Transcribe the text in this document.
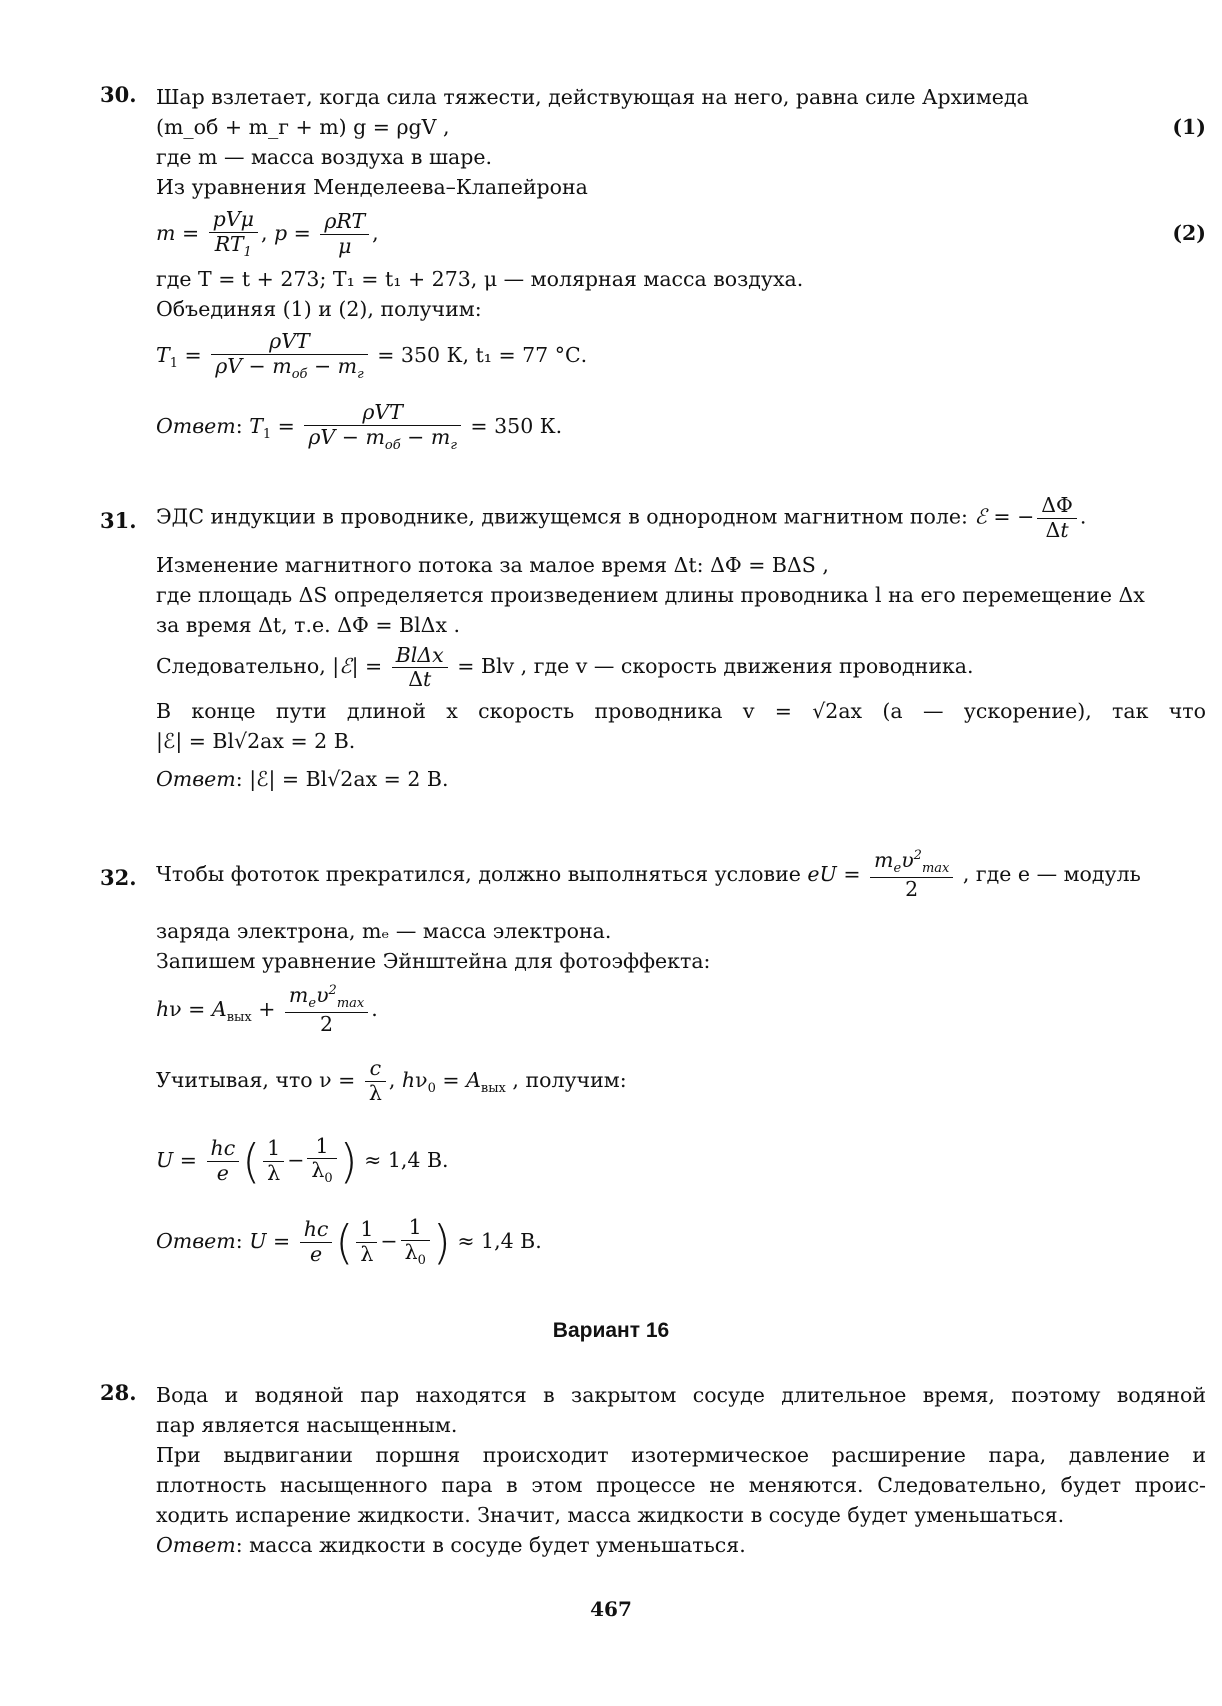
30. Шар взлетает, когда сила тяжести, действующая на него, равна силе Архимеда
(m_об + m_г + m) g = ρgV ,	(1)
где m — масса воздуха в шаре.
Из уравнения Менделеева–Клапейрона
m =
pVμ
$RT_1$
, p = ρRT
μ
,	(2)
где T = t + 273; T₁ = t₁ + 273, μ — молярная масса воздуха.
Объединяя (1) и (2), получим:
$T_1$ =
ρVT
$\rho V - m_{об} - m_г$
= 350 К, t₁ = 77 °С.
Ответ: $T_1$ =
ρVT
$\rho V - m_{об} - m_г$
= 350 К.
31. ЭДС индукции в проводнике, движущемся в однородном магнитном поле: ℰ = − $\frac{\Delta\Phi}{\Delta t}$ .
Изменение магнитного потока за малое время Δt: ΔΦ = BΔS ,
где площадь ΔS определяется произведением длины проводника l на его перемещение Δx
за время Δt, т.е. ΔΦ = BlΔx .
Следовательно, |ℰ| = BlΔx
Δt
= Blv , где v — скорость движения проводника.
В конце пути длиной x скорость проводника v = √2ax (a — ускорение), так что
|ℰ| = Bl√2ax = 2 В.
Ответ: |ℰ| = Bl√2ax = 2 В.
32. Чтобы фототок прекратился, должно выполняться условие eU =
$m_e\upsilon^2_{max}$
2
, где e — модуль
заряда электрона, mₑ — масса электрона.
Запишем уравнение Эйнштейна для фотоэффекта:
$h\nu = A_{вых}$ +
$m_e\upsilon^2_{max}$
2
.
Учитывая, что $\nu = \frac{c}{\lambda}$ , $h\nu_0 = A_{вых}$ , получим:
$U = \frac{hc}{e}$ ( $\frac{1}{\lambda} - \frac{1}{\lambda_0}$ ) ≈ 1,4 В.
Ответ: $U = \frac{hc}{e}$ ( $\frac{1}{\lambda} - \frac{1}{\lambda_0}$ ) ≈ 1,4 В.
Вариант 16
28. Вода и водяной пар находятся в закрытом сосуде длительное время, поэтому водяной
пар является насыщенным.
При выдвигании поршня происходит изотермическое расширение пара, давление и
плотность насыщенного пара в этом процессе не меняются. Следовательно, будет проис-
ходить испарение жидкости. Значит, масса жидкости в сосуде будет уменьшаться.
Ответ: масса жидкости в сосуде будет уменьшаться.
467
